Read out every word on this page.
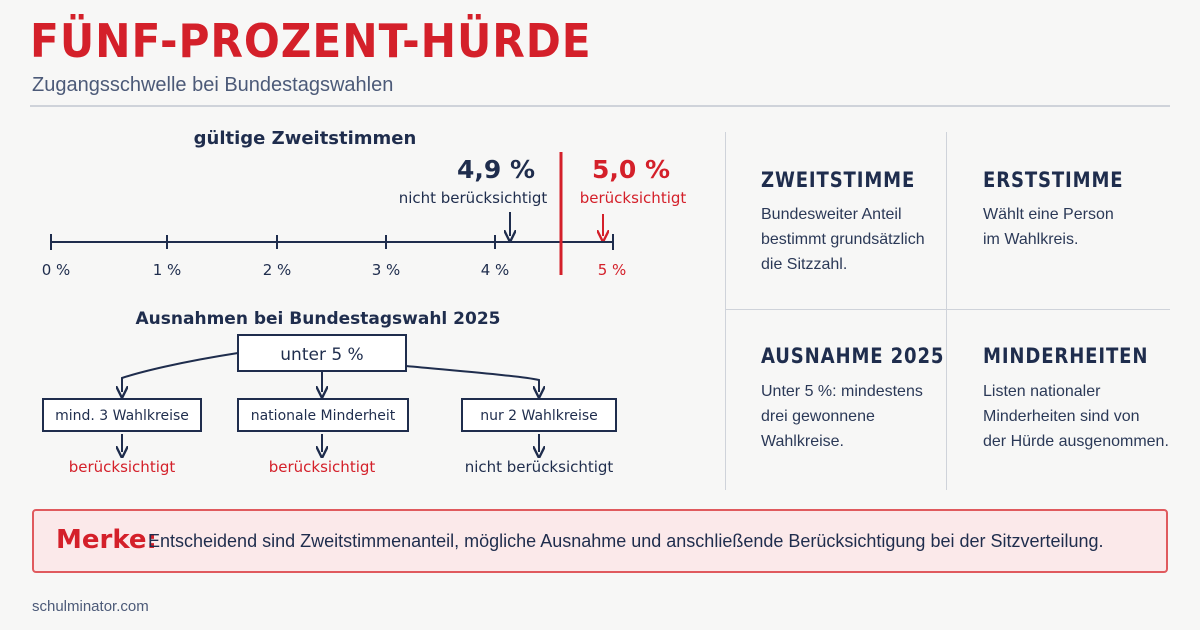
FÜNF-PROZENT-HÜRDE
Zugangsschwelle bei Bundestagswahlen
gültige Zweitstimmen
4,9 %
nicht berücksichtigt
5,0 %
berücksichtigt
0 %	1 %	2 %	3 %	4 %	5 %
Ausnahmen bei Bundestagswahl 2025
unter 5 %
mind. 3 Wahlkreise	nationale Minderheit	nur 2 Wahlkreise
berücksichtigt	berücksichtigt	nicht berücksichtigt
ZWEITSTIMME
Bundesweiter Anteil
bestimmt grundsätzlich
die Sitzzahl.
ERSTSTIMME
Wählt eine Person
im Wahlkreis.
AUSNAHME 2025
Unter 5 %: mindestens
drei gewonnene
Wahlkreise.
MINDERHEITEN
Listen nationaler
Minderheiten sind von
der Hürde ausgenommen.
Merke:
Entscheidend sind Zweitstimmenanteil, mögliche Ausnahme und anschließende Berücksichtigung bei der Sitzverteilung.
schulminator.com
